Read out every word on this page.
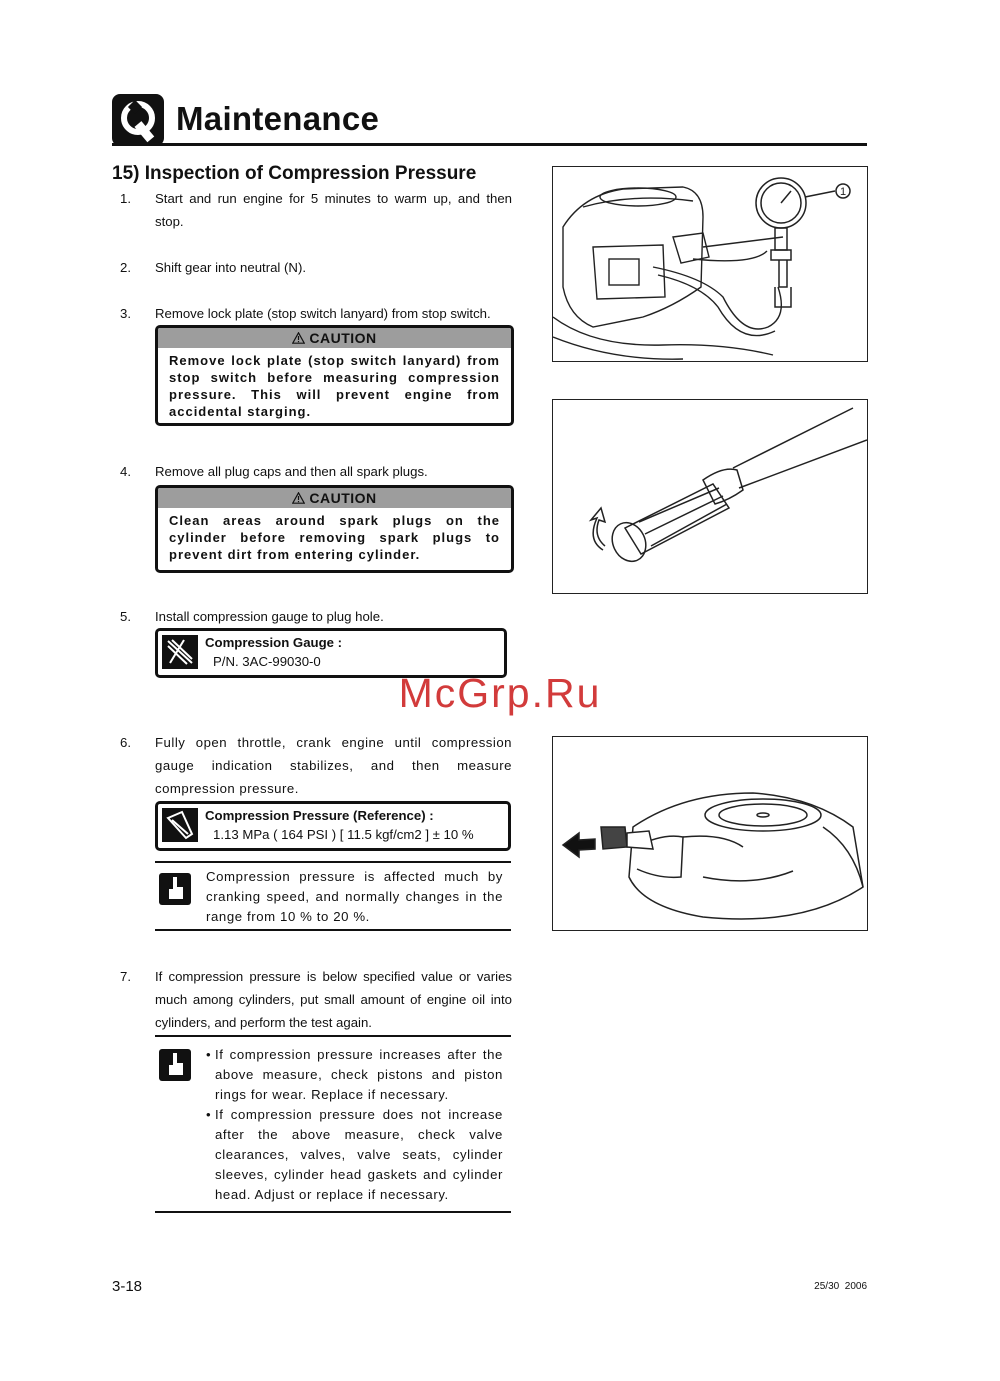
Maintenance
15) Inspection of Compression Pressure
1. Start and run engine for 5 minutes to warm up, and then stop.
2. Shift gear into neutral (N).
3. Remove lock plate (stop switch lanyard) from stop switch.
CAUTION
Remove lock plate (stop switch lanyard) from stop switch before measuring compression pressure. This will prevent engine from accidental starging.
4. Remove all plug caps and then all spark plugs.
CAUTION
Clean areas around spark plugs on the cylinder before removing spark plugs to prevent dirt from entering cylinder.
5. Install compression gauge to plug hole.
Compression Gauge :
P/N. 3AC-99030-0
McGrp.Ru
6. Fully open throttle, crank engine until compression gauge indication stabilizes, and then measure compression pressure.
Compression Pressure (Reference) :
1.13 MPa ( 164 PSI ) [ 11.5 kgf/cm2 ] ± 10 %
Compression pressure is affected much by cranking speed, and normally changes in the range from 10 % to 20 %.
7. If compression pressure is below specified value or varies much among cylinders, put small amount of engine oil into cylinders, and perform the test again.
• If compression pressure increases after the above measure, check pistons and piston rings for wear. Replace if necessary.
• If compression pressure does not increase after the above measure, check valve clearances, valves, valve seats, cylinder sleeves, cylinder head gaskets and cylinder head. Adjust or replace if necessary.
1
3-18	25/30  2006
